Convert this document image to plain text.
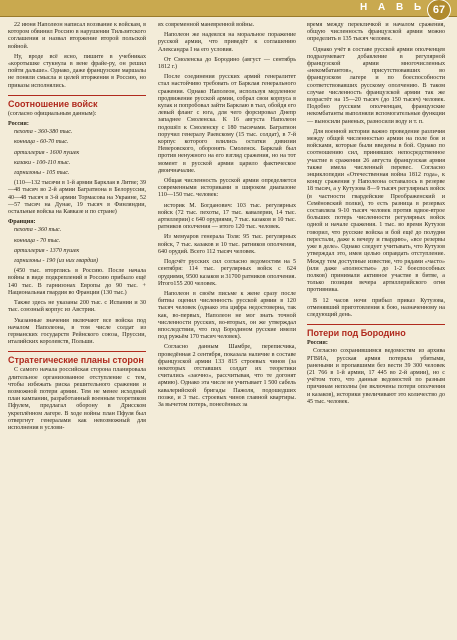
Н А В Ь 67

22 июня Наполеон написал воззвание к войскам, в котором обвинил Россию в нарушении Тильзитского соглашения и назвал вторжение второй польской войной.

Ну, вроде всё ясно, пишите в учебниках «коротышке стукнула в вене фрайе-ру, он решил пойти дальше». Однако, даже французские маршалы не поняли смысла и целей вторжения в Россию, но приказы исполнялись.

Соотношение войск

(согласно официальным данным):

Россия:

пехота - 360-380 тыс.

конница - 60-70 тыс.

артиллерия - 1600 пушек

казаки - 100-110 тыс.

гарнизоны - 105 тыс.

(110—132 тысячи в 1-й армии Барклая в Литве; 39—48 тысяч во 2-й армии Багратиона в Белоруссии, 40—48 тысяч в 3-й армии Тормасова на Украине, 52—57 тысяч на Дунае, 19 тысяч в Финляндии, остальные войска на Кавказе и по стране)

Франция:

пехота - 360 тыс.

конница - 70 тыс.

артиллерия - 1370 пушек

гарнизоны - 190 (из них гвардия)

(450 тыс. вторглись в Россию. После начала войны в виде подкреплений в Россию прибыло ещё 140 тыс. В гарнизонах Европы до 90 тыс. + Национальная гвардия во Франции (130 тыс.)

Также здесь не указаны 200 тыс. с Испании и 30 тыс. союзный корпус из Австрии.

Указанные значения включают все войска под началом Наполеона, в том числе солдат из германских государств Рейнского союза, Пруссии, италийских королевств, Польши.

Стратегические планы сторон

С самого начала российская сторона планировала длительное организованное отступление с тем, чтобы избежать риска решительного сражения и возможной потери армии. Тем не менее исходный план кампании, разработанный военным теоретиком Пфулем, предлагал оборону в Дрисском укреплённом лагере. В ходе войны план Пфуля был отвергнут генералами как невозможный для исполнения в услови-

ях современной маневренной войны.

Наполеон же надеялся на моральное поражение русской армии, что приведёт к соглашению Александра I на его условия.

От Смоленска до Бородино (август — сентябрь 1812 г.)

После соединения русских армий генералитет стал настойчиво требовать от Барклая генерального сражения. Однако Наполеон, используя медленное продвижение русской армии, собрал свои корпуса в кулак и попробовал зайти Барклаю в тыл, обойдя его левый фланг с юга, для чего форсировал Днепр западнее Смоленска. К 16 августа Наполеон подошёл к Смоленску с 180 тысячами. Багратион поручил генералу Раевскому (15 тыс. солдат), в 7-й корпус которого влились остатки дивизии Неверовского, оборонять Смоленск. Барклай был против ненужного на его взгляд сражения, но на тот момент в русской армии царило фактическое двоичначалие.

Общая численность русской армии определяется современными историками в широком диапазоне 110—150 тыс. человек:

историк М. Богданович: 103 тыс. регулярных войск (72 тыс. пехоты, 17 тыс. кавалерии, 14 тыс. артиллерии) с 640 орудиями, 7 тыс. казаков и 10 тыс. ратников ополчения — итого 120 тыс. человек.

Из мемуаров генерала Толя: 95 тыс. регулярных войск, 7 тыс. казаков и 10 тыс. ратников ополчения, 640 орудий. Всего 112 тысяч человек.

Подсчёт русских сил согласно ведомостям на 5 сентября: 114 тыс. регулярных войск с 624 орудиями, 9500 казаков и 31700 ратников ополчения. Итого155 200 человек.

Наполеон в своём письме к жене сразу после битвы оценил численность русской армии в 120 тысяч человек (однако эта цифра недостоверна, так как, во-первых, Наполеон не мог знать точной численности русских, во-вторых, он же утверждал впоследствии, что под Бородином русские имели под ружьём 170 тысяч человек).

Согласно данным Шамбре, переписчика, проведённая 2 сентября, показала наличие в составе французской армии 133 815 строевых чинов (за некоторых отставших солдат их теоретики считались «заочно», рассчитывая, что те догонят армию). Однако эта числе не учитывает 1 500 сабель кавалерийской бригады Пажоля, подошедших позже, и 3 тыс. строевых чинов главной квартиры. За вычетом потерь, понесённых за

время между перекличкой и началом сражения, общую численность французской армии можно определить в 135 тысяч человек.

Однако учёт в составе русской армии ополченцев подразумевает добавление в регулярной французской армии многочисленных «некомбатантов», присутствовавших во французском лагере и по боеспособности соответствовавших русскому ополчению. В таком случае численность французской армии так же возрастёт на 15—20 тысяч (до 150 тысяч) человек. Подобно русским ополченцам, французские некомбатанты выполняли вспомогательные функции — выносили раненых, разносили воду и т. п.

Для военной истории важно проведение различия между общей численностью армии на поле боя и войсками, которые были введены в бой. Однако по соотношению сил, принявших непосредственное участие в сражении 26 августа французская армия также имела численный перевес. Согласно энциклопедии «Отечественная война 1812 года», к концу сражения у Наполеона оставалось в резерве 18 тысяч, а у Кутузова 8—9 тысяч регулярных войск (в частности гвардейские Преображенский и Семёновский полки), то есть разница в резервах составляла 9-10 тысяч человек против вдвое-втрое больших потерь численности регулярных войск одной и начале сражения. 1 тыс. во время Кутузов говорил, что русские войска и бой ещё до полудня перестали, даже к вечеру и гвардию», «все резервы уже в деле». Однако следует учитывать, что Кутузов утверждал это, имея целью оправдать отступление. Между тем доступные известие, что рядами «часто» (или даже «полностью» до 1-2 боеспособных полков) принимали активное участие в битве, а только позиции вечера артиллерийского огня противника.

В 12 часов ночи прибыл приказ Кутузова, отменявший приготовления к бою, назначенному на следующий день.

Потери под Бородино
Россия:

Согласно сохранившимся ведомостям из архива РГВИА, русская армия потеряла убитыми, ранеными и пропавшими без вести 39 300 человек (21 766 в 1-й армии, 17 445 во 2-й армии), но с учётом того, что данные ведомостей по разным причинам неполны (не включены потери ополчения и казаков), историки увеличивают это количество до 45 тыс. человек.
